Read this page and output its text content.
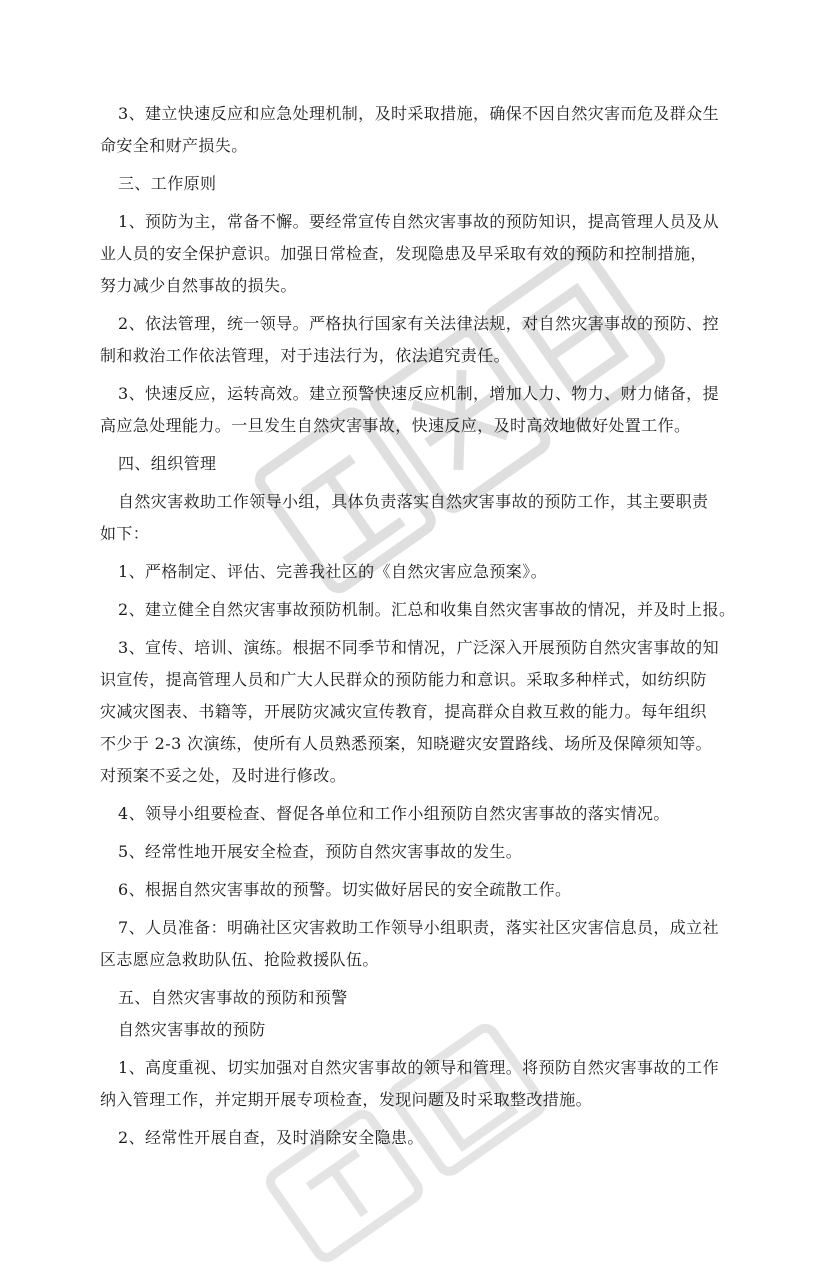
3、建立快速反应和应急处理机制，及时采取措施，确保不因自然灾害而危及群众生
命安全和财产损失。
三、工作原则
1、预防为主，常备不懈。要经常宣传自然灾害事故的预防知识，提高管理人员及从
业人员的安全保护意识。加强日常检查，发现隐患及早采取有效的预防和控制措施，
努力减少自然事故的损失。
2、依法管理，统一领导。严格执行国家有关法律法规，对自然灾害事故的预防、控
制和救治工作依法管理，对于违法行为，依法追究责任。
3、快速反应，运转高效。建立预警快速反应机制，增加人力、物力、财力储备，提
高应急处理能力。一旦发生自然灾害事故，快速反应，及时高效地做好处置工作。
四、组织管理
自然灾害救助工作领导小组，具体负责落实自然灾害事故的预防工作，其主要职责
如下：
1、严格制定、评估、完善我社区的《自然灾害应急预案》。
2、建立健全自然灾害事故预防机制。汇总和收集自然灾害事故的情况，并及时上报。
3、宣传、培训、演练。根据不同季节和情况，广泛深入开展预防自然灾害事故的知
识宣传，提高管理人员和广大人民群众的预防能力和意识。采取多种样式，如纺织防
灾减灾图表、书籍等，开展防灾减灾宣传教育，提高群众自救互救的能力。每年组织
不少于 2-3 次演练，使所有人员熟悉预案，知晓避灾安置路线、场所及保障须知等。
对预案不妥之处，及时进行修改。
4、领导小组要检查、督促各单位和工作小组预防自然灾害事故的落实情况。
5、经常性地开展安全检查，预防自然灾害事故的发生。
6、根据自然灾害事故的预警。切实做好居民的安全疏散工作。
7、人员准备：明确社区灾害救助工作领导小组职责，落实社区灾害信息员，成立社
区志愿应急救助队伍、抢险救援队伍。
五、自然灾害事故的预防和预警
自然灾害事故的预防
1、高度重视、切实加强对自然灾害事故的领导和管理。将预防自然灾害事故的工作
纳入管理工作，并定期开展专项检查，发现问题及时采取整改措施。
2、经常性开展自查，及时消除安全隐患。
